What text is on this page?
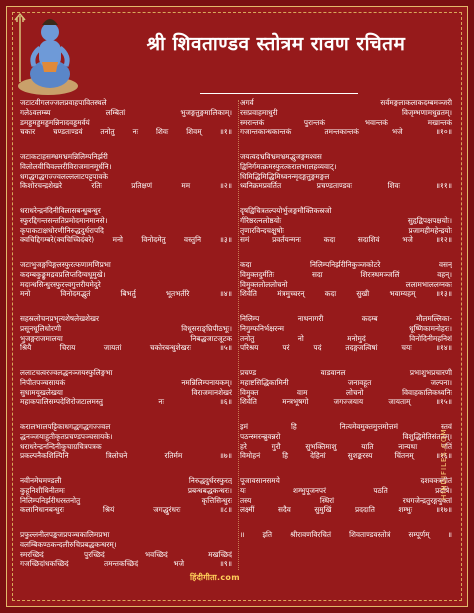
श्री शिवताण्डव स्तोत्रम रावण रचितम
जटाटवीगलज्जलप्रवाहपावितस्थले
गलेऽवलम्ब्य लम्बितां भुजङ्गतुङ्गमालिकाम्।
डमड्डमड्डमड्डमन्निनादवड्डमर्वयं
चकार चण्डताण्डवं तनोतु नः शिवः शिवम् ॥१॥
जटाकटाहसम्भ्रमभ्रमन्निलिम्पनिर्झरी
विलोलवीचिवल्लरीविराजमानमूर्धनि।
धगद्धगद्धगज्ज्वलल्ललाटपट्टपावके
किशोरचन्द्रशेखरे रतिः प्रतिक्षणं मम ॥२॥
धराधरेन्द्रनंदिनीविलासबन्धुबन्धुर
स्फुरद्दिगन्तसन्ततिप्रमोदमानमानसे।
कृपाकटाक्षधोरणीनिरुद्धदुर्धरापदि
क्वचिद्दिगम्बरे(क्वचिच्चिदंबरे) मनो विनोदमेतु वस्तुनि ॥३॥
जटाभुजङ्गपिङ्गलस्फुरत्फणामणिप्रभा
कदम्बकुङ्कुमद्रवप्रलिप्तदिग्वधूमुखे।
मदान्धसिन्धुरस्फुरत्त्वगुत्तरीयमेदुरे
मनो विनोदमद्भुतं बिभर्तु भूतभर्तरि ॥४॥
सहस्रलोचनप्रभृत्यशेषलेखशेखर
प्रसूनधूलिधोरणी विधूसराङ्घ्रिपीठभूः।
भुजङ्गराजमालया निबद्धजाटजूटक
श्रियै चिराय जायतां चकोरबन्धुशेखरः ॥५॥
ललाटचत्वरज्वलद्धनञ्जयस्फुलिङ्गभा
निपीतपञ्चसायकं नमन्निलिम्पनायकम्।
सुधामयूखलेखया विराजमानशेखरं
महाकपालिसम्पदेशिरोजटालमस्तु नः ॥६॥
करालभालपट्टिकाधगद्धगद्धगज्ज्वल
द्धनञ्जयाहुतीकृतप्रचण्डपञ्चसायके।
धराधरेन्द्रनन्दिनीकुचाग्रचित्रपत्रक
प्रकल्पनैकशिल्पिनि त्रिलोचने रतिर्मम ॥७॥
नवीनमेघमण्डली निरुद्धदुर्धरस्फुरत्
कुहूनिशीथिनीतमः प्रबन्धबद्धकन्धरः।
निलिम्पनिर्झरीधरस्तनोतु कृत्तिसिन्धुरः
कलानिधानबन्धुरः श्रियं जगद्धुरंधरः ॥८॥
प्रफुल्लनीलपङ्कजप्रपञ्चकालिमप्रभा
वलम्बिकण्ठकन्दलीरुचिप्रबद्धकन्धरम्।
स्मरच्छिदं पुरच्छिदं भवच्छिदं मखच्छिदं
गजच्छिदांधकच्छिदं तमन्तकच्छिदं भजे ॥९॥
अगर्व सर्वमङ्गलाकलाकदम्बमञ्जरी
रसप्रवाहमाधुरी विजृम्भणामधुव्रतम्।
स्मरान्तकं पुरान्तकं भवान्तकं मखान्तकं
गजान्तकान्धकान्तकं तमन्तकान्तकं भजे ॥१०॥
जयत्वदभ्रविभ्रमभ्रमद्भुजङ्गमश्वस
द्विनिर्गमत्क्रमस्फुरत्करालभालहव्यवाट्।
धिमिद्धिमिद्धिमिध्वनन्मृदङ्गतुङ्गमङ्गल
ध्वनिक्रमप्रवर्तित प्रचण्डताण्डवः शिवः ॥११॥
दृषद्विचित्रतल्पयोर्भुजङ्गमौक्तिकस्रजो
र्गरिष्ठरत्नलोष्ठयोः सुहृद्विपक्षपक्षयोः।
तृणारविन्दचक्षुषोः प्रजामहीमहेन्द्रयोः
समं प्रवर्तयन्मनः कदा सदाशिवं भजे ॥१२॥
कदा निलिम्पनिर्झरीनिकुञ्जकोटरे वसन्
विमुक्तदुर्मतिः सदा शिरःस्थमञ्जलिं वहन्।
विमुक्तलोललोचनो ललामभाललग्नकः
शिवेति मंत्रमुच्चरन् कदा सुखी भवाम्यहम् ॥१३॥
निलिम्प नाथनागरी कदम्ब मौलमल्लिका-
निगुम्फनिर्भक्षरन्म धूष्णिकामनोहरः।
तनोतु नो मनोमुदं विनोदिनीमहनिशं
परिश्रय परं पदं तदङ्गजत्विषां चयः ॥१४॥
प्रचण्ड वाडवानल प्रभाशुभप्रचारणी
महाष्टसिद्धिकामिनी जनावहूत जल्पना।
विमुक्त वाम लोचनो विवाहकालिकध्वनिः
शिवेति मन्त्रभूषगो जगज्जयाय जायताम् ॥१५॥
इमं हि नित्यमेवमुक्तमुत्तमोत्तमं स्तवं
पठन्स्मरन्ब्रुवन्नरो विशुद्धिमेतिसंततम्।
हरे गुरौ सुभक्तिमाशु याति नान्यथा गतिं
विमोहनं हि देहिनां सुशङ्करस्य चिंतनम् ॥१६॥
पूजावसानसमये दशवक्त्रगीतं
यः शम्भुपूजनपरं पठति प्रदोषे।
तस्य स्थिरां रथगजेन्द्रतुरङ्गयुक्तां
लक्ष्मीं सदैव सुमुखिं प्रददाति शम्भुः ॥१७॥
॥ इति श्रीरावणविरचितं शिवताण्डवस्तोत्रं सम्पूर्णम् ॥
हिंदीगीता.com
HINDIFILES.COM
